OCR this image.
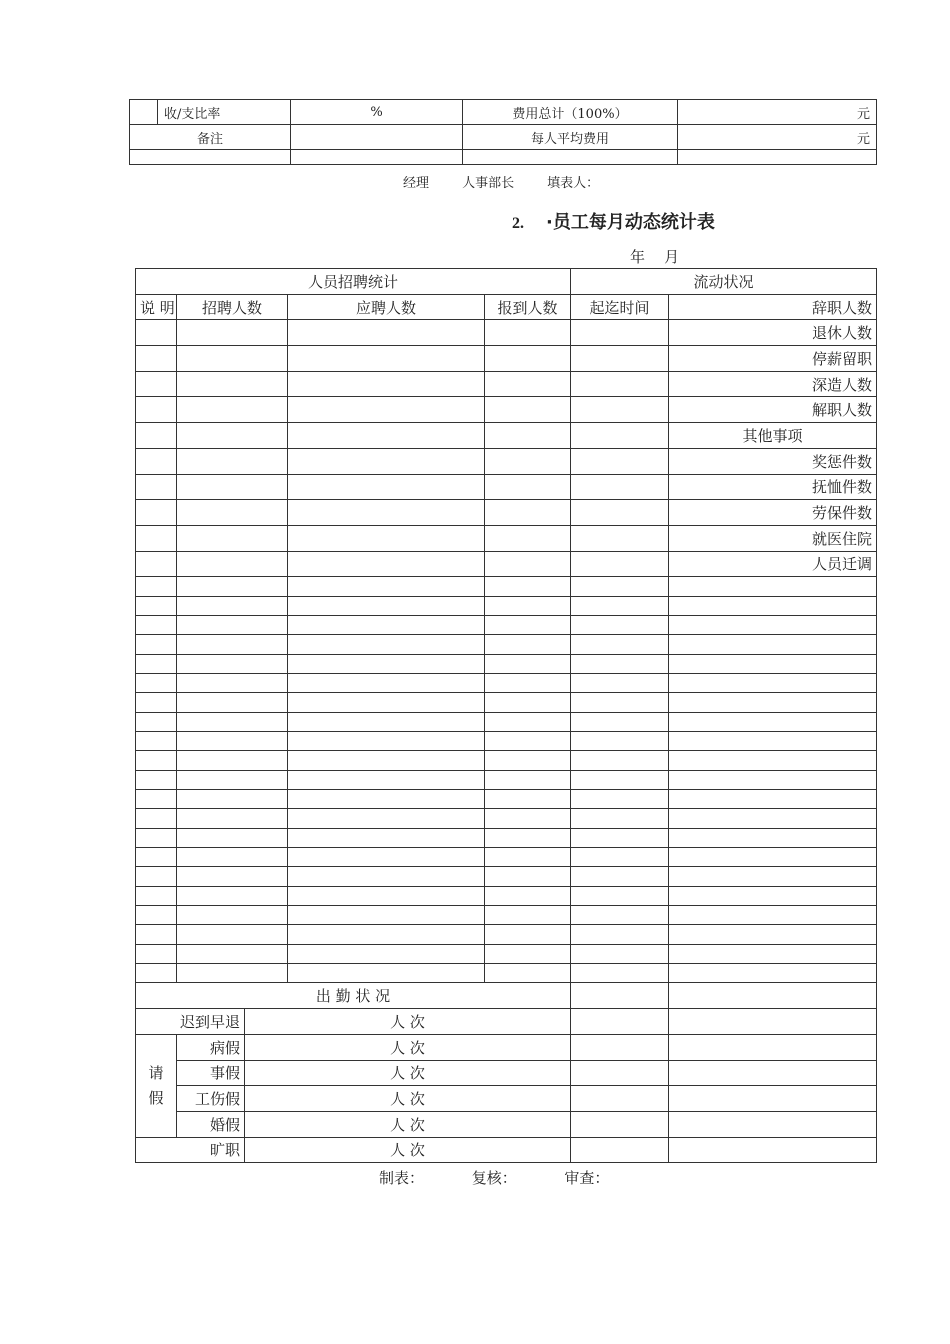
	收/支比率	%	费用总计（100%）	元
备注			每人平均费用	元

经理	人事部长	填表人：
2. ·员工每月动态统计表
年 月
人员招聘统计					流动状况		
说 明	招聘人数		应聘人数	报到人数	起迄时间	辞职人数	
						退休人数	
						停薪留职	
						深造人数	
						解职人数	
						其他事项	
						奖惩件数	
						抚恤件数	
						劳保件数	
						就医住院	
						人员迁调	

出 勤 状 况							
迟到早退		人 次					
请假	病假	人 次					
	事假	人 次					
	工伤假	人 次					
	婚假	人 次					
旷职		人 次					
制表：	复核：	审查：
